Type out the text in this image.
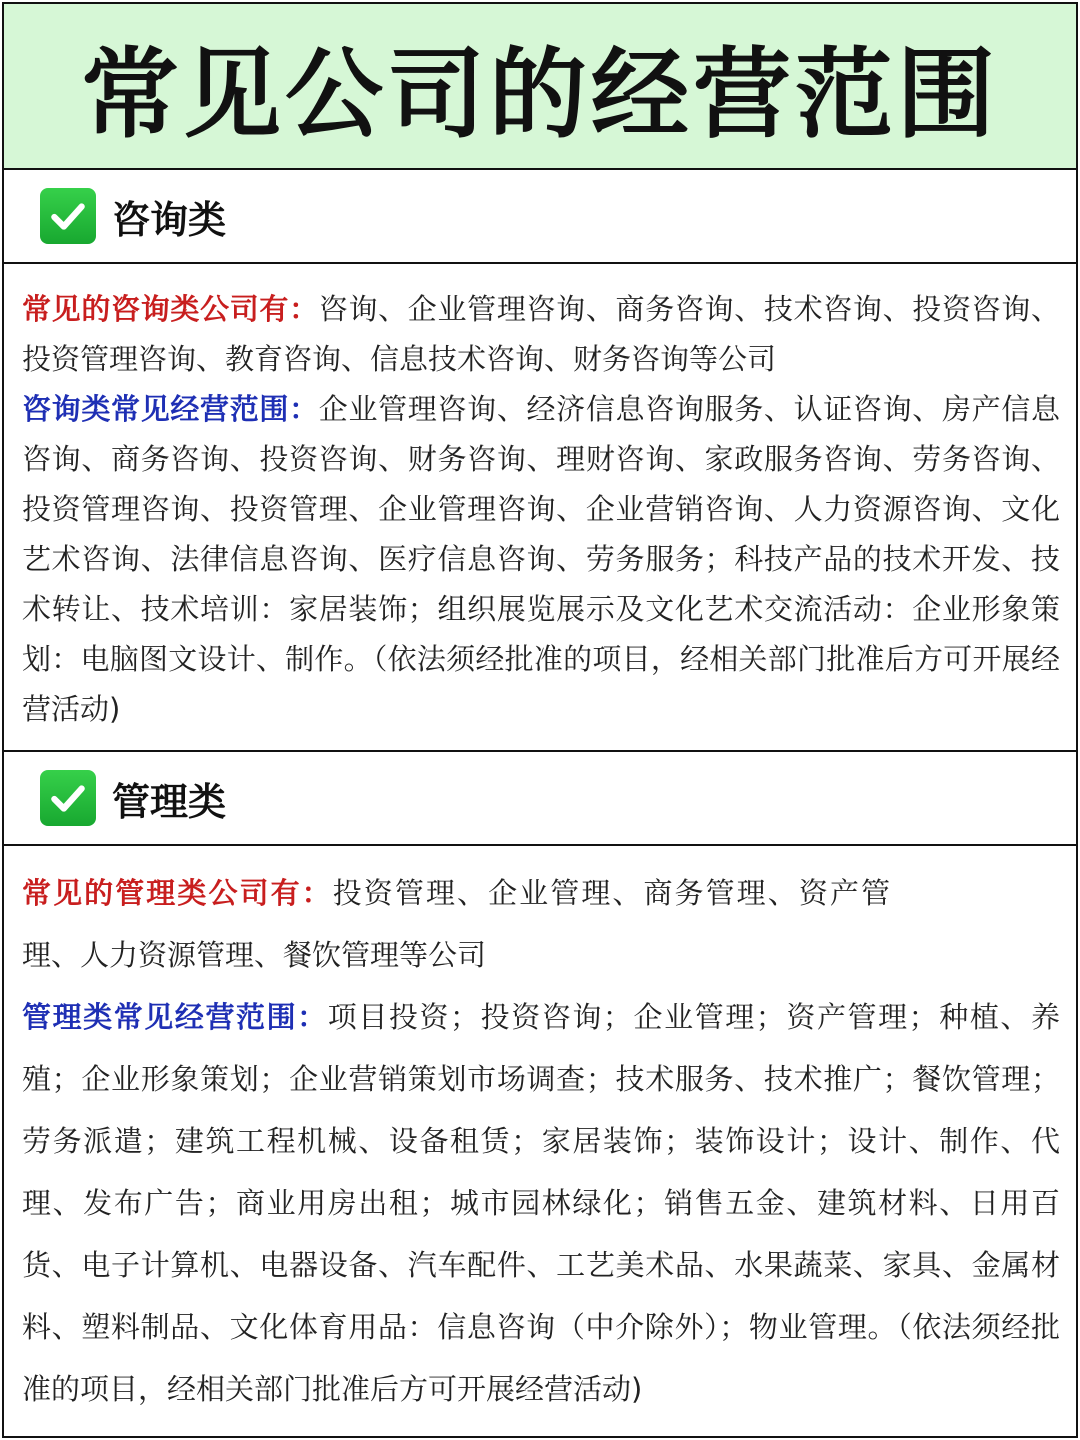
常见公司的经营范围
咨询类

常见的咨询类公司有：咨询、企业管理咨询、商务咨询、技术咨询、投资咨询、投资管理咨询、教育咨询、信息技术咨询、财务咨询等公司

咨询类常见经营范围：企业管理咨询、经济信息咨询服务、认证咨询、房产信息咨询、商务咨询、投资咨询、财务咨询、理财咨询、家政服务咨询、劳务咨询、投资管理咨询、投资管理、企业管理咨询、企业营销咨询、人力资源咨询、文化艺术咨询、法律信息咨询、医疗信息咨询、劳务服务；科技产品的技术开发、技术转让、技术培训：家居装饰；组织展览展示及文化艺术交流活动：企业形象策划：电脑图文设计、制作。（依法须经批准的项目，经相关部门批准后方可开展经营活动)

管理类

常见的管理类公司有：投资管理、企业管理、商务管理、资产管理、人力资源管理、餐饮管理等公司

管理类常见经营范围：项目投资；投资咨询；企业管理；资产管理；种植、养殖；企业形象策划；企业营销策划市场调查；技术服务、技术推广；餐饮管理；劳务派遣；建筑工程机械、设备租赁；家居装饰；装饰设计；设计、制作、代理、发布广告；商业用房出租；城市园林绿化；销售五金、建筑材料、日用百货、电子计算机、电器设备、汽车配件、工艺美术品、水果蔬菜、家具、金属材料、塑料制品、文化体育用品：信息咨询（中介除外）；物业管理。（依法须经批准的项目，经相关部门批准后方可开展经营活动)
